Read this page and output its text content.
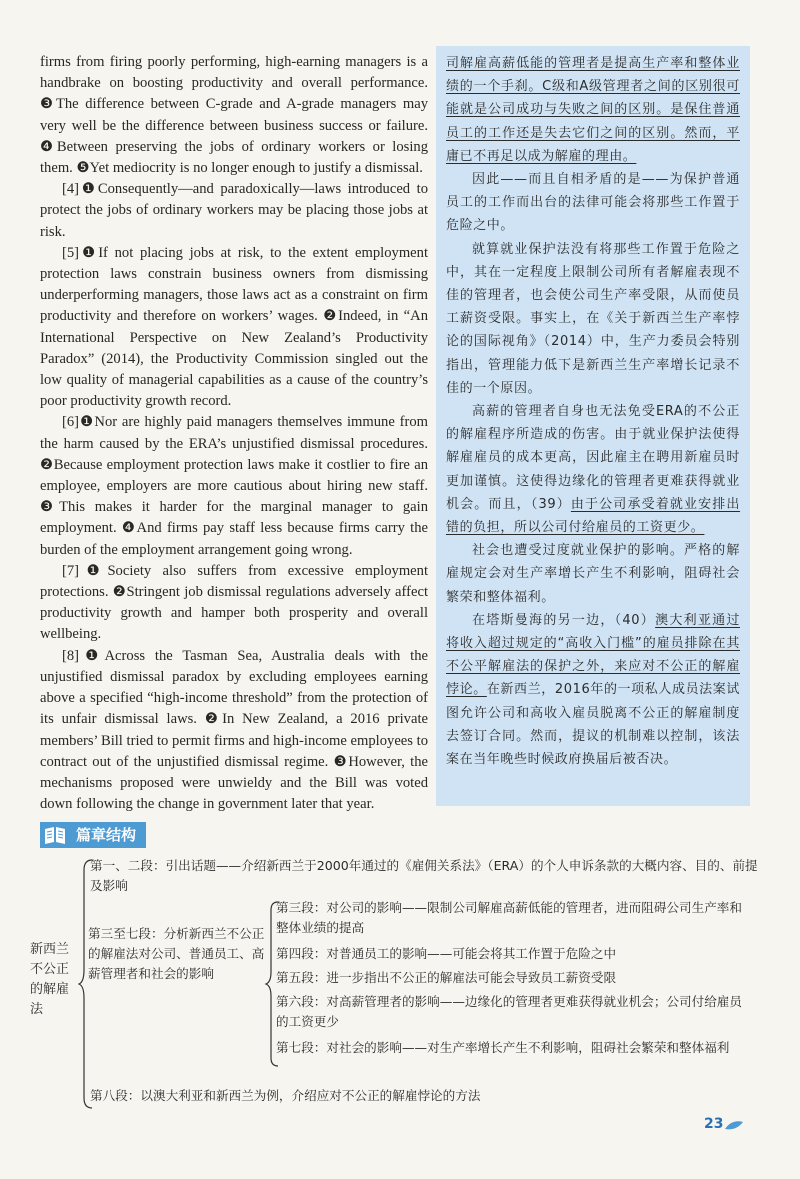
firms from firing poorly performing, high-earning managers is a handbrake on boosting productivity and overall performance. ❸The difference between C-grade and A-grade managers may very well be the difference between business success or failure. ❹Between preserving the jobs of ordinary workers or losing them. ❺Yet mediocrity is no longer enough to justify a dismissal.

[4]❶Consequently—and paradoxically—laws introduced to protect the jobs of ordinary workers may be placing those jobs at risk.

[5]❶If not placing jobs at risk, to the extent employment protection laws constrain business owners from dismissing underperforming managers, those laws act as a constraint on firm productivity and therefore on workers’ wages. ❷Indeed, in “An International Perspective on New Zealand’s Productivity Paradox” (2014), the Productivity Commission singled out the low quality of managerial capabilities as a cause of the country’s poor productivity growth record.

[6]❶Nor are highly paid managers themselves immune from the harm caused by the ERA’s unjustified dismissal procedures. ❷Because employment protection laws make it costlier to fire an employee, employers are more cautious about hiring new staff. ❸This makes it harder for the marginal manager to gain employment. ❹And firms pay staff less because firms carry the burden of the employment arrangement going wrong.

[7]❶Society also suffers from excessive employment protections. ❷Stringent job dismissal regulations adversely affect productivity growth and hamper both prosperity and overall wellbeing.

[8]❶Across the Tasman Sea, Australia deals with the unjustified dismissal paradox by excluding employees earning above a specified “high-income threshold” from the protection of its unfair dismissal laws. ❷In New Zealand, a 2016 private members’ Bill tried to permit firms and high-income employees to contract out of the unjustified dismissal regime. ❸However, the mechanisms proposed were unwieldy and the Bill was voted down following the change in government later that year.

司解雇高薪低能的管理者是提高生产率和整体业绩的一个手刹。C级和A级管理者之间的区别很可能就是公司成功与失败之间的区别。是保住普通员工的工作还是失去它们之间的区别。然而，平庸已不再足以成为解雇的理由。

因此——而且自相矛盾的是——为保护普通员工的工作而出台的法律可能会将那些工作置于危险之中。

就算就业保护法没有将那些工作置于危险之中，其在一定程度上限制公司所有者解雇表现不佳的管理者，也会使公司生产率受限，从而使员工薪资受限。事实上，在《关于新西兰生产率悖论的国际视角》（2014）中，生产力委员会特别指出，管理能力低下是新西兰生产率增长记录不佳的一个原因。

高薪的管理者自身也无法免受ERA的不公正的解雇程序所造成的伤害。由于就业保护法使得解雇雇员的成本更高，因此雇主在聘用新雇员时更加谨慎。这使得边缘化的管理者更难获得就业机会。而且，（39）由于公司承受着就业安排出错的负担，所以公司付给雇员的工资更少。

社会也遭受过度就业保护的影响。严格的解雇规定会对生产率增长产生不利影响，阻碍社会繁荣和整体福利。

在塔斯曼海的另一边，（40）澳大利亚通过将收入超过规定的“高收入门槛”的雇员排除在其不公平解雇法的保护之外，来应对不公正的解雇悖论。在新西兰，2016年的一项私人成员法案试图允许公司和高收入雇员脱离不公正的解雇制度去签订合同。然而，提议的机制难以控制，该法案在当年晚些时候政府换届后被否决。

篇章结构
新西兰不公正的解雇法
第一、二段：引出话题——介绍新西兰于2000年通过的《雇佣关系法》（ERA）的个人申诉条款的大概内容、目的、前提及影响
第三至七段：分析新西兰不公正的解雇法对公司、普通员工、高薪管理者和社会的影响
第三段：对公司的影响——限制公司解雇高薪低能的管理者，进而阻碍公司生产率和整体业绩的提高
第四段：对普通员工的影响——可能会将其工作置于危险之中
第五段：进一步指出不公正的解雇法可能会导致员工薪资受限
第六段：对高薪管理者的影响——边缘化的管理者更难获得就业机会；公司付给雇员的工资更少
第七段：对社会的影响——对生产率增长产生不利影响，阻碍社会繁荣和整体福利
第八段：以澳大利亚和新西兰为例，介绍应对不公正的解雇悖论的方法
23
